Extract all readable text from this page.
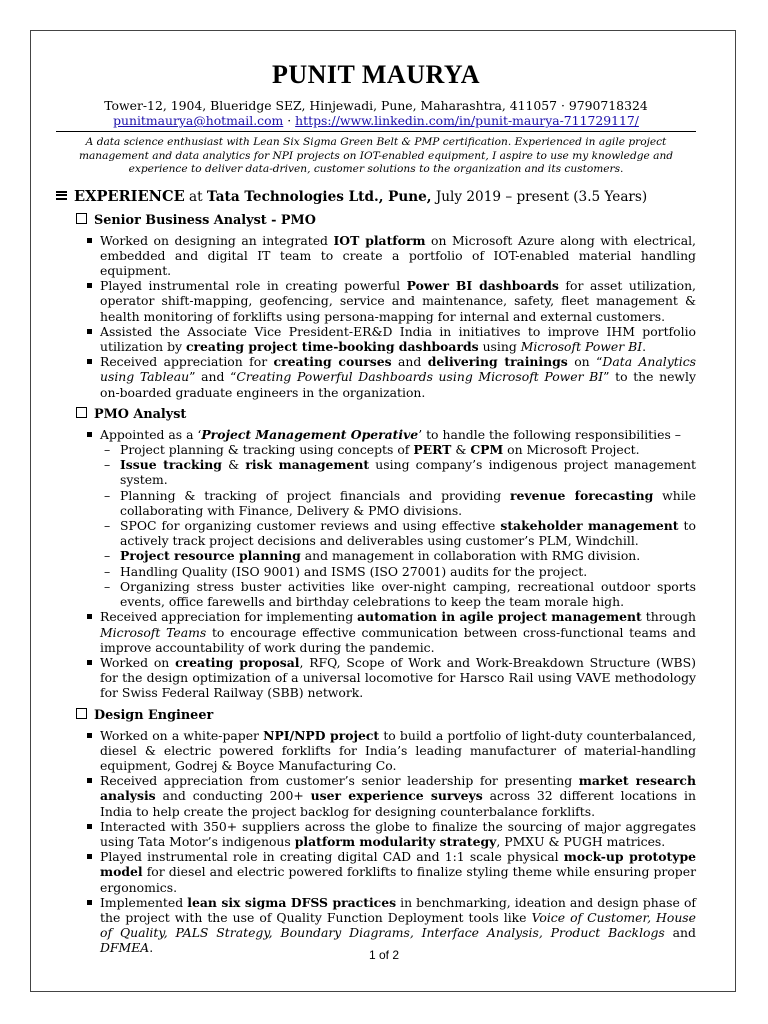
PUNIT MAURYA
Tower-12, 1904, Blueridge SEZ, Hinjewadi, Pune, Maharashtra, 411057 · 9790718324
punitmaurya@hotmail.com · https://www.linkedin.com/in/punit-maurya-711729117/
A data science enthusiast with Lean Six Sigma Green Belt & PMP certification. Experienced in agile project management and data analytics for NPI projects on IOT-enabled equipment, I aspire to use my knowledge and experience to deliver data-driven, customer solutions to the organization and its customers.
EXPERIENCE at Tata Technologies Ltd., Pune, July 2019 – present (3.5 Years)
Senior Business Analyst - PMO
Worked on designing an integrated IOT platform on Microsoft Azure along with electrical, embedded and digital IT team to create a portfolio of IOT-enabled material handling equipment.
Played instrumental role in creating powerful Power BI dashboards for asset utilization, operator shift-mapping, geofencing, service and maintenance, safety, fleet management & health monitoring of forklifts using persona-mapping for internal and external customers.
Assisted the Associate Vice President-ER&D India in initiatives to improve IHM portfolio utilization by creating project time-booking dashboards using Microsoft Power BI.
Received appreciation for creating courses and delivering trainings on “Data Analytics using Tableau” and “Creating Powerful Dashboards using Microsoft Power BI” to the newly on-boarded graduate engineers in the organization.
PMO Analyst
Appointed as a ‘Project Management Operative’ to handle the following responsibilities –
– Project planning & tracking using concepts of PERT & CPM on Microsoft Project.
– Issue tracking & risk management using company’s indigenous project management system.
– Planning & tracking of project financials and providing revenue forecasting while collaborating with Finance, Delivery & PMO divisions.
– SPOC for organizing customer reviews and using effective stakeholder management to actively track project decisions and deliverables using customer’s PLM, Windchill.
– Project resource planning and management in collaboration with RMG division.
– Handling Quality (ISO 9001) and ISMS (ISO 27001) audits for the project.
– Organizing stress buster activities like over-night camping, recreational outdoor sports events, office farewells and birthday celebrations to keep the team morale high.
Received appreciation for implementing automation in agile project management through Microsoft Teams to encourage effective communication between cross-functional teams and improve accountability of work during the pandemic.
Worked on creating proposal, RFQ, Scope of Work and Work-Breakdown Structure (WBS) for the design optimization of a universal locomotive for Harsco Rail using VAVE methodology for Swiss Federal Railway (SBB) network.
Design Engineer
Worked on a white-paper NPI/NPD project to build a portfolio of light-duty counterbalanced, diesel & electric powered forklifts for India’s leading manufacturer of material-handling equipment, Godrej & Boyce Manufacturing Co.
Received appreciation from customer’s senior leadership for presenting market research analysis and conducting 200+ user experience surveys across 32 different locations in India to help create the project backlog for designing counterbalance forklifts.
Interacted with 350+ suppliers across the globe to finalize the sourcing of major aggregates using Tata Motor’s indigenous platform modularity strategy, PMXU & PUGH matrices.
Played instrumental role in creating digital CAD and 1:1 scale physical mock-up prototype model for diesel and electric powered forklifts to finalize styling theme while ensuring proper ergonomics.
Implemented lean six sigma DFSS practices in benchmarking, ideation and design phase of the project with the use of Quality Function Deployment tools like Voice of Customer, House of Quality, PALS Strategy, Boundary Diagrams, Interface Analysis, Product Backlogs and DFMEA.	1 of 2
